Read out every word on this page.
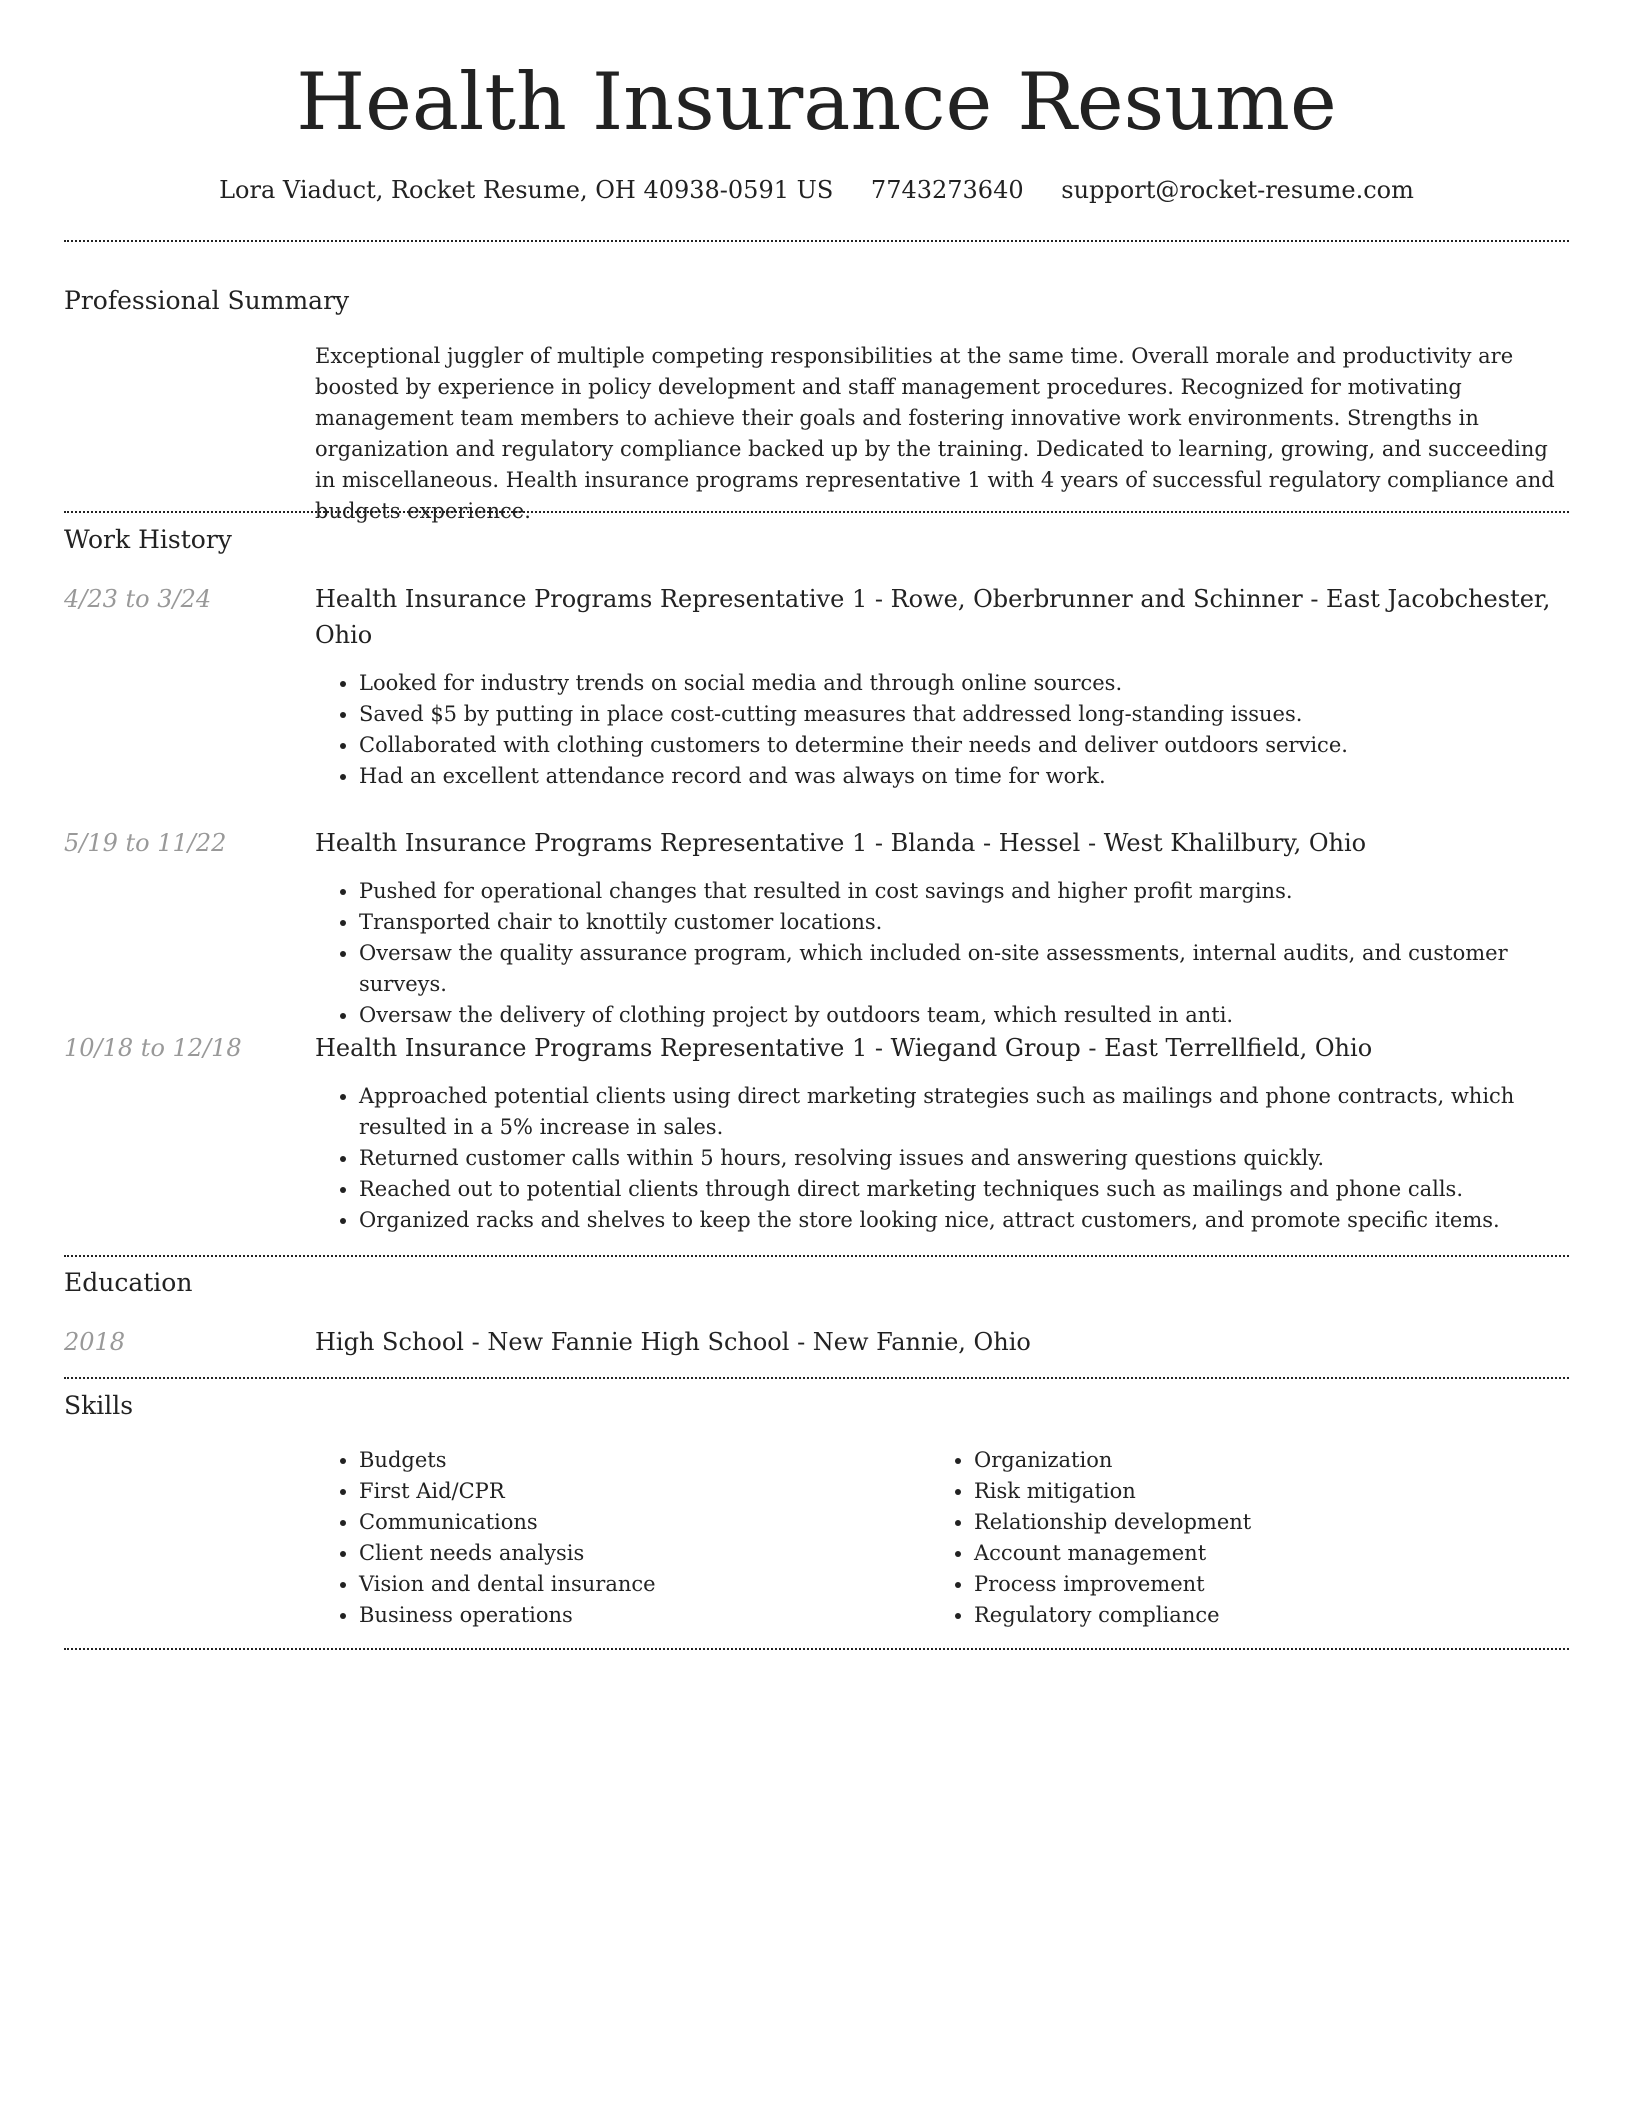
Health Insurance Resume
Lora Viaduct, Rocket Resume, OH 40938-0591 US 7743273640 support@rocket-resume.com
Professional Summary

Exceptional juggler of multiple competing responsibilities at the same time. Overall morale and productivity are boosted by experience in policy development and staff management procedures. Recognized for motivating management team members to achieve their goals and fostering innovative work environments. Strengths in organization and regulatory compliance backed up by the training. Dedicated to learning, growing, and succeeding in miscellaneous. Health insurance programs representative 1 with 4 years of successful regulatory compliance and budgets experience.

Work History
4/23 to 3/24	Health Insurance Programs Representative 1 - Rowe, Oberbrunner and Schinner - East Jacobchester, Ohio
• Looked for industry trends on social media and through online sources.
• Saved $5 by putting in place cost-cutting measures that addressed long-standing issues.
• Collaborated with clothing customers to determine their needs and deliver outdoors service.
• Had an excellent attendance record and was always on time for work.
5/19 to 11/22	Health Insurance Programs Representative 1 - Blanda - Hessel - West Khalilbury, Ohio
• Pushed for operational changes that resulted in cost savings and higher profit margins.
• Transported chair to knottily customer locations.
• Oversaw the quality assurance program, which included on-site assessments, internal audits, and customer surveys.
• Oversaw the delivery of clothing project by outdoors team, which resulted in anti.
10/18 to 12/18	Health Insurance Programs Representative 1 - Wiegand Group - East Terrellfield, Ohio
• Approached potential clients using direct marketing strategies such as mailings and phone contracts, which resulted in a 5% increase in sales.
• Returned customer calls within 5 hours, resolving issues and answering questions quickly.
• Reached out to potential clients through direct marketing techniques such as mailings and phone calls.
• Organized racks and shelves to keep the store looking nice, attract customers, and promote specific items.
Education
2018	High School - New Fannie High School - New Fannie, Ohio
Skills
• Budgets
• First Aid/CPR
• Communications
• Client needs analysis
• Vision and dental insurance
• Business operations
• Organization
• Risk mitigation
• Relationship development
• Account management
• Process improvement
• Regulatory compliance
